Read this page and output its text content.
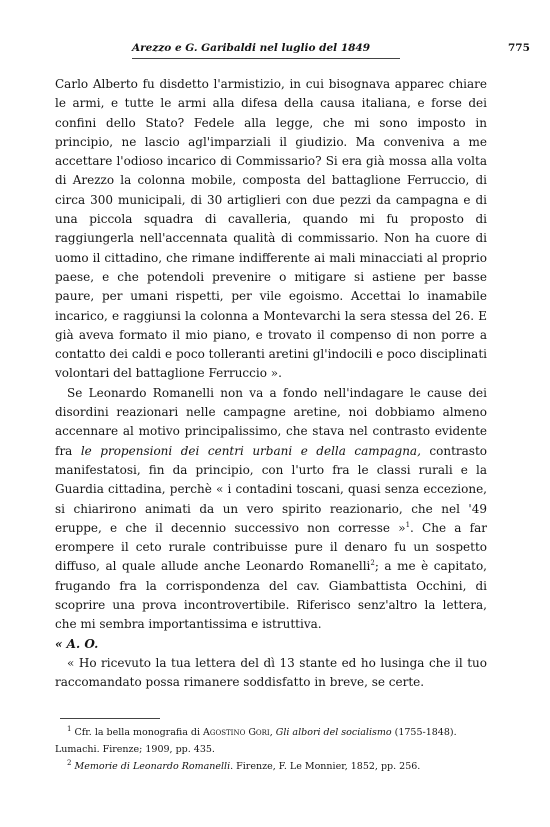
Arezzo e G. Garibaldi nel luglio del 1849	775

Carlo Alberto fu disdetto l'armistizio, in cui bisognava apparec chiare le armi, e tutte le armi alla difesa della causa italiana, e forse dei confini dello Stato? Fedele alla legge, che mi sono imposto in principio, ne lascio agl'imparziali il giudizio. Ma conveniva a me accettare l'odioso incarico di Commissario? Si era già mossa alla volta di Arezzo la colonna mobile, composta del battaglione Ferruccio, di circa 300 municipali, di 30 artiglieri con due pezzi da campagna e di una piccola squadra di cavalleria, quando mi fu proposto di raggiungerla nell'accennata qualità di commissario. Non ha cuore di uomo il cittadino, che rimane indifferente ai mali minacciati al proprio paese, e che potendoli prevenire o mitigare si astiene per basse paure, per umani rispetti, per vile egoismo. Accettai lo inamabile incarico, e raggiunsi la colonna a Montevarchi la sera stessa del 26. E già aveva formato il mio piano, e trovato il compenso di non porre a contatto dei caldi e poco tolleranti aretini gl'indocili e poco disciplinati volontari del battaglione Ferruccio ».

Se Leonardo Romanelli non va a fondo nell'indagare le cause dei disordini reazionari nelle campagne aretine, noi dobbiamo almeno accennare al motivo principalissimo, che stava nel contrasto evidente fra le propensioni dei centri urbani e della campagna, contrasto manifestatosi, fin da principio, con l'urto fra le classi rurali e la Guardia cittadina, perchè « i contadini toscani, quasi senza eccezione, si chiarirono animati da un vero spirito reazionario, che nel '49 eruppe, e che il decennio successivo non corresse »$^1$. Che a far erompere il ceto rurale contribuisse pure il denaro fu un sospetto diffuso, al quale allude anche Leonardo Romanelli$^2$; a me è capitato, frugando fra la corrispondenza del cav. Giambattista Occhini, di scoprire una prova incontrovertibile. Riferisco senz'altro la lettera, che mi sembra importantissima e istruttiva.

« A. O.

« Ho ricevuto la tua lettera del dì 13 stante ed ho lusinga che il tuo raccomandato possa rimanere soddisfatto in breve, se certe.

$^1$ Cfr. la bella monografia di Agostino Gori, Gli albori del socialismo (1755-1848). Lumachi. Firenze; 1909, pp. 435.

$^2$ Memorie di Leonardo Romanelli. Firenze, F. Le Monnier, 1852, pp. 256.
